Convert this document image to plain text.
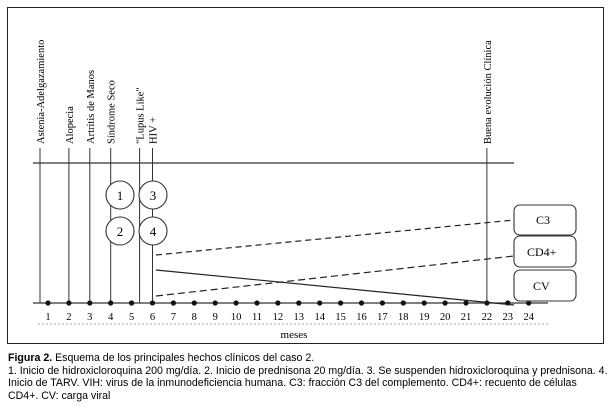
Astenia-Adelgazamiento Alopecia Artritis de Manos Síndrome Seco "Lupus Like" HIV +	Buena evolución Clínica
1 2 3 4 5 6 7 8 9 10 11 12 13 14 15 16 17 18 19 20 21 22 23 24
1 3
2 4
C3
CD4+
CV
meses
Figura 2. Esquema de los principales hechos clínicos del caso 2.
1. Inicio de hidroxicloroquina 200 mg/día. 2. Inicio de prednisona 20 mg/día. 3. Se suspenden hidroxicloroquina y prednisona. 4. Inicio de TARV. VIH: virus de la inmunodeficiencia humana. C3: fracción C3 del complemento. CD4+: recuento de células CD4+. CV: carga viral
